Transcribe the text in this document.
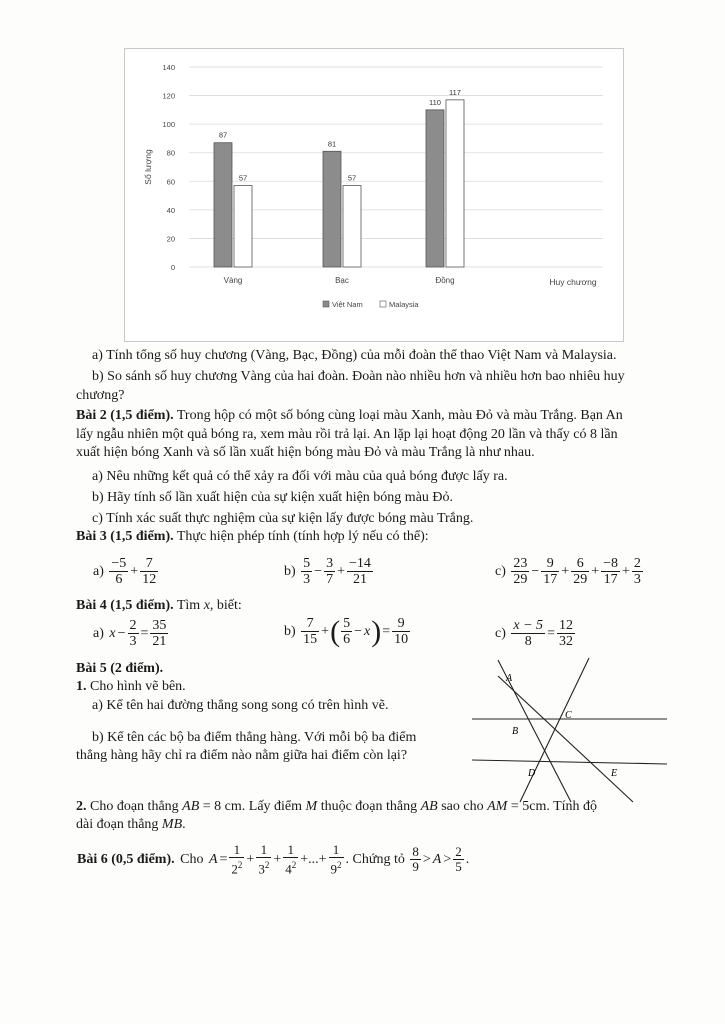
140
120
100
80
60
40
20
0
Số lượng
87
57
Vàng
81
57
Bạc
110
117
Đồng	Huy chương
Việt Nam	Malaysia
a) Tính tổng số huy chương (Vàng, Bạc, Đồng) của mỗi đoàn thể thao Việt Nam và Malaysia.
b) So sánh số huy chương Vàng của hai đoàn. Đoàn nào nhiều hơn và nhiều hơn bao nhiêu huy
chương?
Bài 2 (1,5 điểm). Trong hộp có một số bóng cùng loại màu Xanh, màu Đỏ và màu Trắng. Bạn An
lấy ngẫu nhiên một quả bóng ra, xem màu rồi trả lại. An lặp lại hoạt động 20 lần và thấy có 8 lần
xuất hiện bóng Xanh và số lần xuất hiện bóng màu Đỏ và màu Trắng là như nhau.
a) Nêu những kết quả có thể xảy ra đối với màu của quả bóng được lấy ra.
b) Hãy tính số lần xuất hiện của sự kiện xuất hiện bóng màu Đỏ.
c) Tính xác suất thực nghiệm của sự kiện lấy được bóng màu Trắng.
Bài 3 (1,5 điểm). Thực hiện phép tính (tính hợp lý nếu có thể):
$a) \frac{-5}{6} + \frac{7}{12}$	$b) \frac{5}{3} - \frac{3}{7} + \frac{-14}{21}$	$c) \frac{23}{29} - \frac{9}{17} + \frac{6}{29} + \frac{-8}{17} + \frac{2}{3}$
Bài 4 (1,5 điểm). Tìm x, biết:
a) $x - \frac{2}{3} = \frac{35}{21}$	$b) \frac{7}{15}$ +( $\frac{5}{6} - x)= \frac{9}{10}$	$c) \frac{x - 5}{8} = \frac{12}{32}$
Bài 5 (2 điểm).
1. Cho hình vẽ bên.
a) Kể tên hai đường thẳng song song có trên hình vẽ.
b) Kể tên các bộ ba điểm thẳng hàng. Với mỗi bộ ba điểm
thẳng hàng hãy chỉ ra điểm nào nằm giữa hai điểm còn lại?
A
B
C
D	E
2. Cho đoạn thẳng AB = 8 cm. Lấy điểm M thuộc đoạn thẳng AB sao cho AM = 5cm. Tính độ
dài đoạn thẳng MB.
Bài 6 (0,5 điểm). Cho $A = \frac{1}{2^2} + \frac{1}{3^2} + \frac{1}{4^2}$ +...+ $\frac{1}{9^2}$ . Chứng tỏ $\frac{8}{9} > A > \frac{2}{5}$ .
